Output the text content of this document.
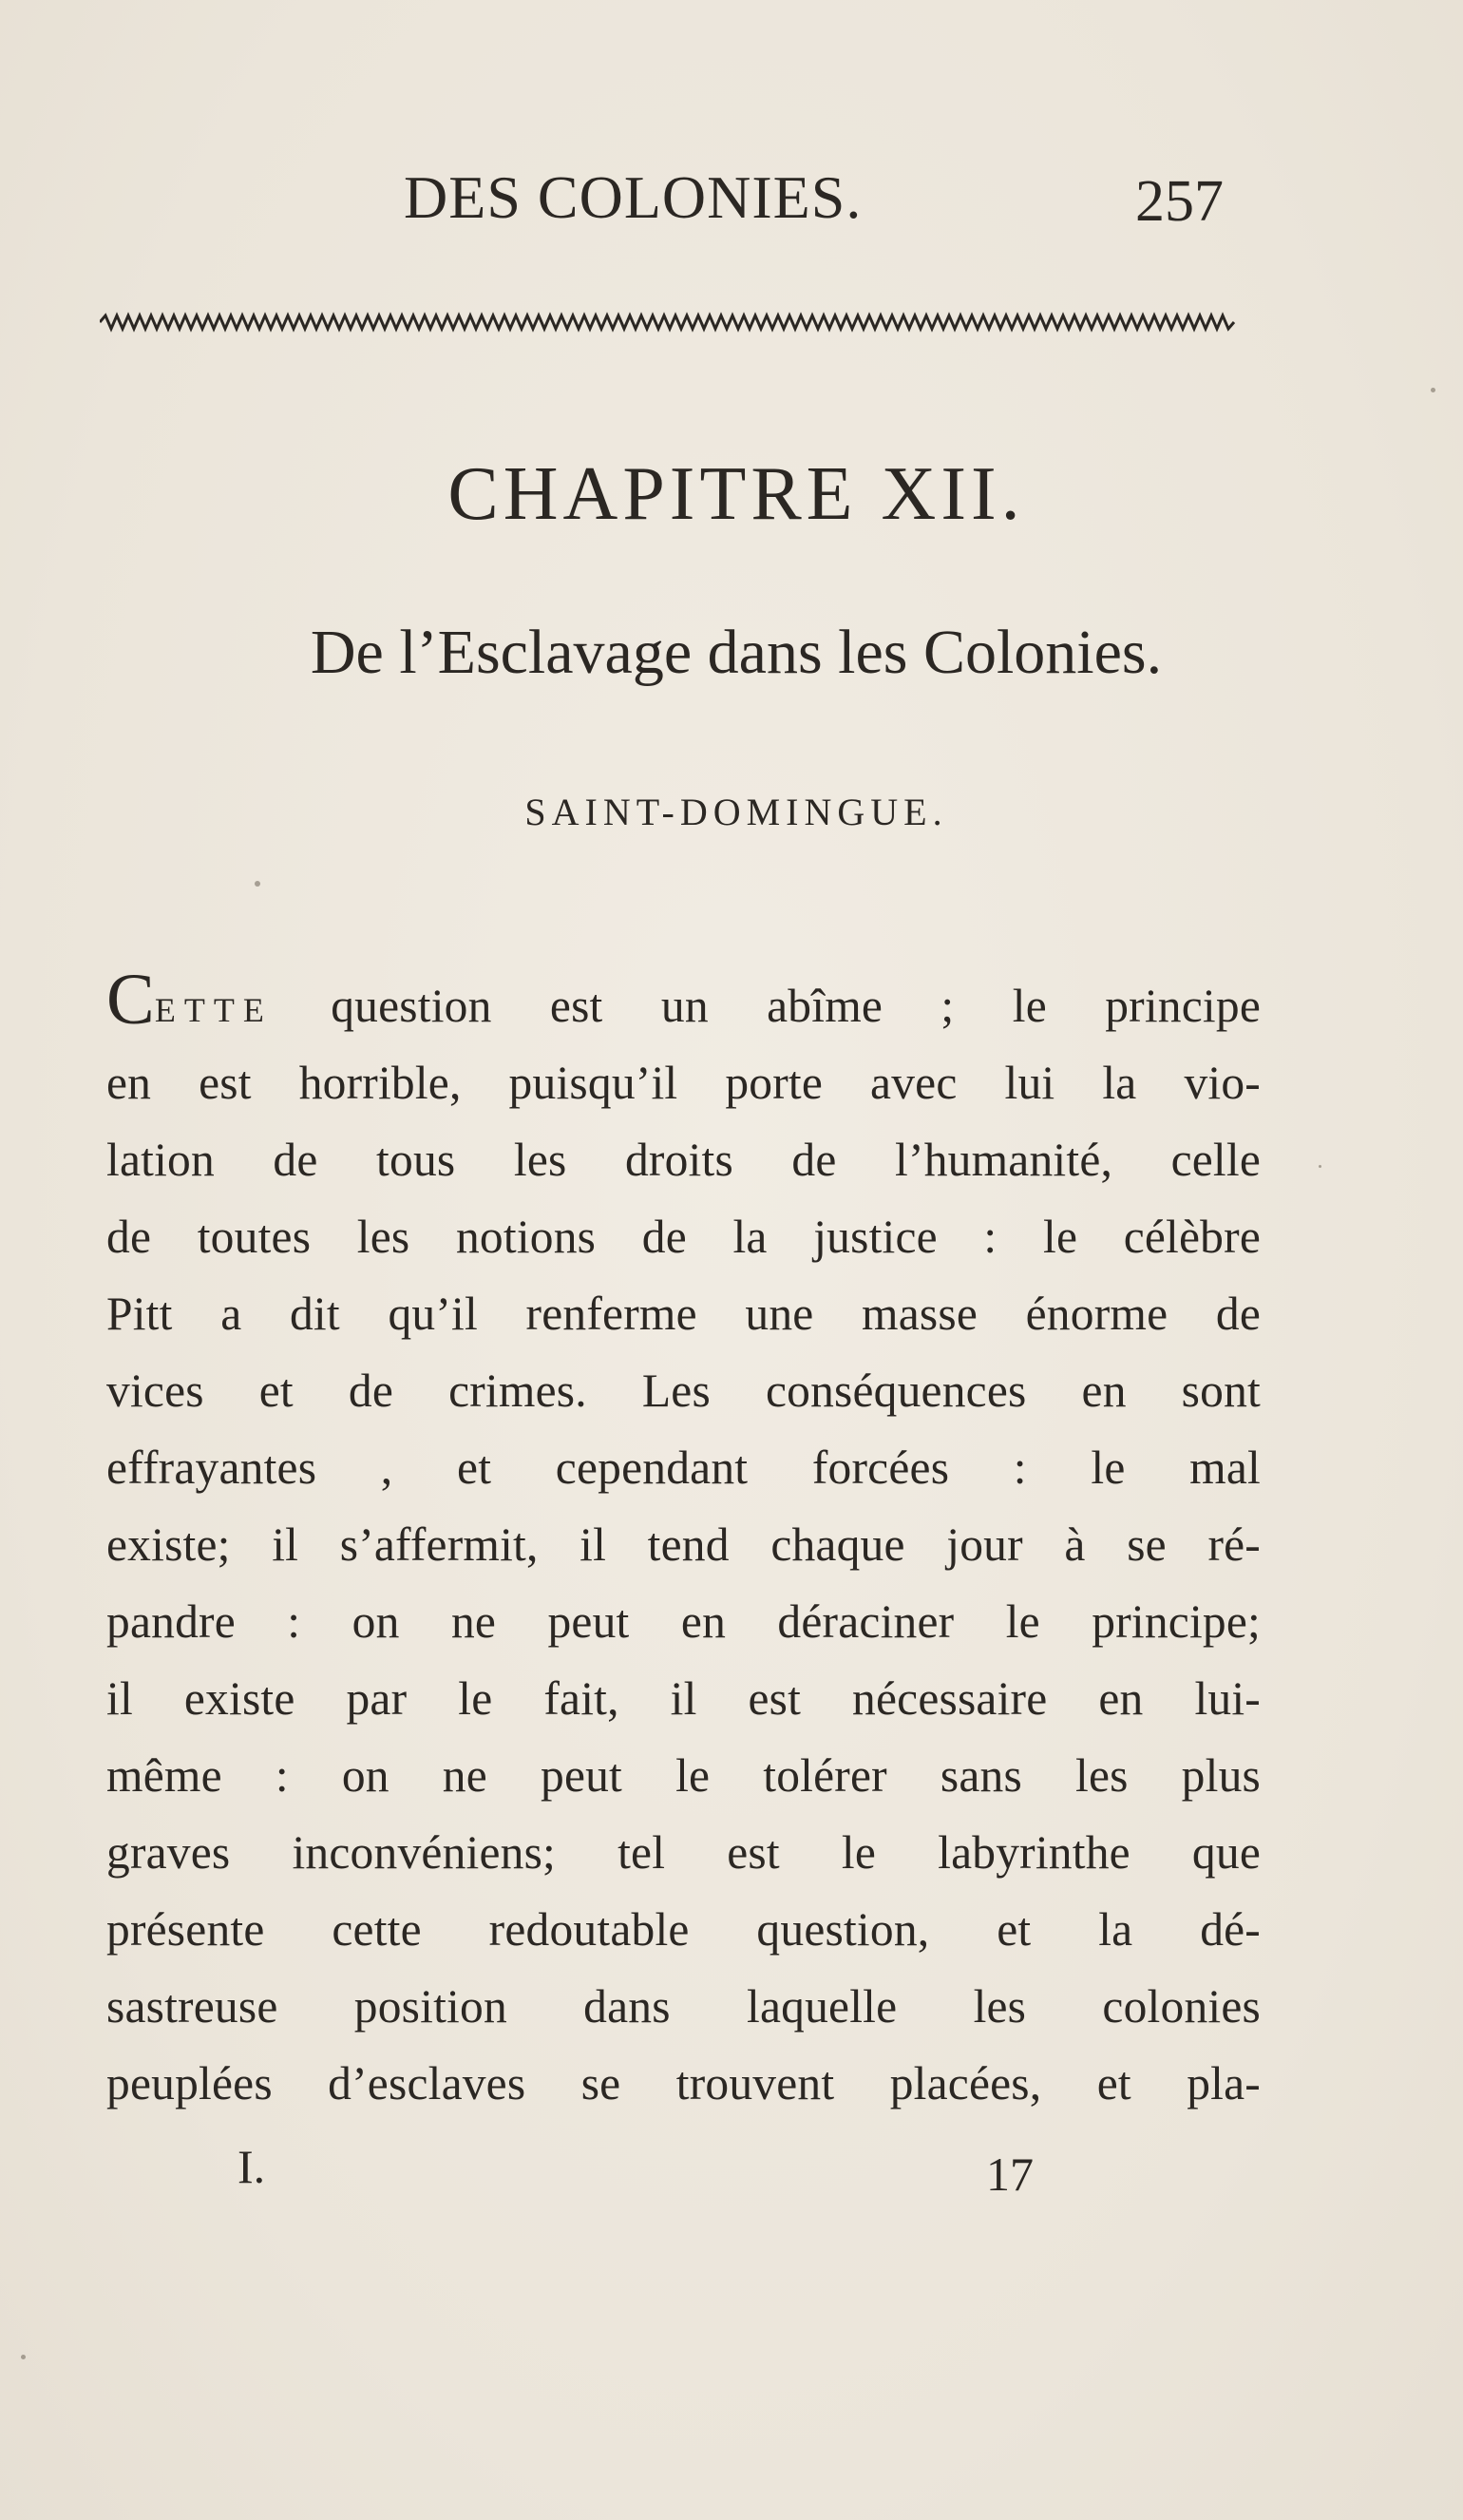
DES COLONIES.	257
CHAPITRE XII.
De l’Esclavage dans les Colonies.
SAINT-DOMINGUE.
CETTE question est un abîme ; le principe
en est horrible, puisqu’il porte avec lui la vio-
lation de tous les droits de l’humanité, celle
de toutes les notions de la justice : le célèbre
Pitt a dit qu’il renferme une masse énorme de
vices et de crimes. Les conséquences en sont
effrayantes , et cependant forcées : le mal
existe; il s’affermit, il tend chaque jour à se ré-
pandre : on ne peut en déraciner le principe;
il existe par le fait, il est nécessaire en lui-
même : on ne peut le tolérer sans les plus
graves inconvéniens; tel est le labyrinthe que
présente cette redoutable question, et la dé-
sastreuse position dans laquelle les colonies
peuplées d’esclaves se trouvent placées, et pla-
I.	17
